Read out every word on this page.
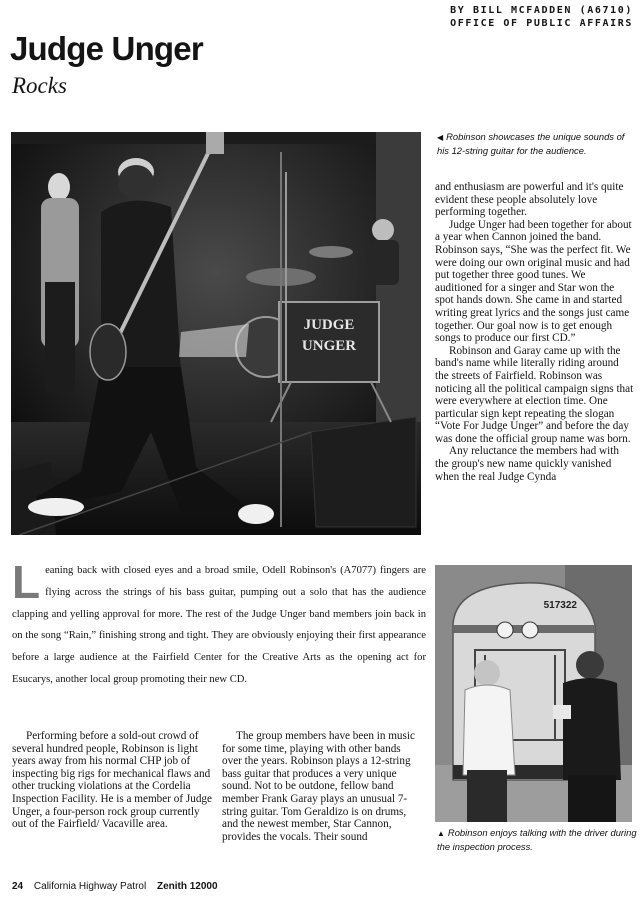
BY BILL MCFADDEN (A6710)
OFFICE OF PUBLIC AFFAIRS
Judge Unger
Rocks
JUDGE
UNGER
◀ Robinson showcases the unique sounds of his 12-string guitar for the audience.

and enthusiasm are powerful and it's quite evident these people absolutely love performing together.

Judge Unger had been together for about a year when Cannon joined the band. Robinson says, “She was the perfect fit. We were doing our own original music and had put together three good tunes. We auditioned for a singer and Star won the spot hands down. She came in and started writing great lyrics and the songs just came together. Our goal now is to get enough songs to produce our first CD.”

Robinson and Garay came up with the band's name while literally riding around the streets of Fairfield. Robinson was noticing all the political campaign signs that were everywhere at election time. One particular sign kept repeating the slogan “Vote For Judge Unger” and before the day was done the official group name was born.

Any reluctance the members had with the group's new name quickly vanished when the real Judge Cynda

Leaning back with closed eyes and a broad smile, Odell Robinson's (A7077) fingers are flying across the strings of his bass guitar, pumping out a solo that has the audience clapping and yelling approval for more. The rest of the Judge Unger band members join back in on the song “Rain,” finishing strong and tight. They are obviously enjoying their first appearance before a large audience at the Fairfield Center for the Creative Arts as the opening act for Esucarys, another local group promoting their new CD.

Performing before a sold-out crowd of several hundred people, Robinson is light years away from his normal CHP job of inspecting big rigs for mechanical flaws and other trucking violations at the Cordelia Inspection Facility. He is a member of Judge Unger, a four-person rock group currently out of the Fairfield/ Vacaville area.

The group members have been in music for some time, playing with other bands over the years. Robinson plays a 12-string bass guitar that produces a very unique sound. Not to be outdone, fellow band member Frank Garay plays an unusual 7-string guitar. Tom Geraldizo is on drums, and the newest member, Star Cannon, provides the vocals. Their sound

517322
▲ Robinson enjoys talking with the driver during the inspection process.
24 California Highway Patrol Zenith 12000
